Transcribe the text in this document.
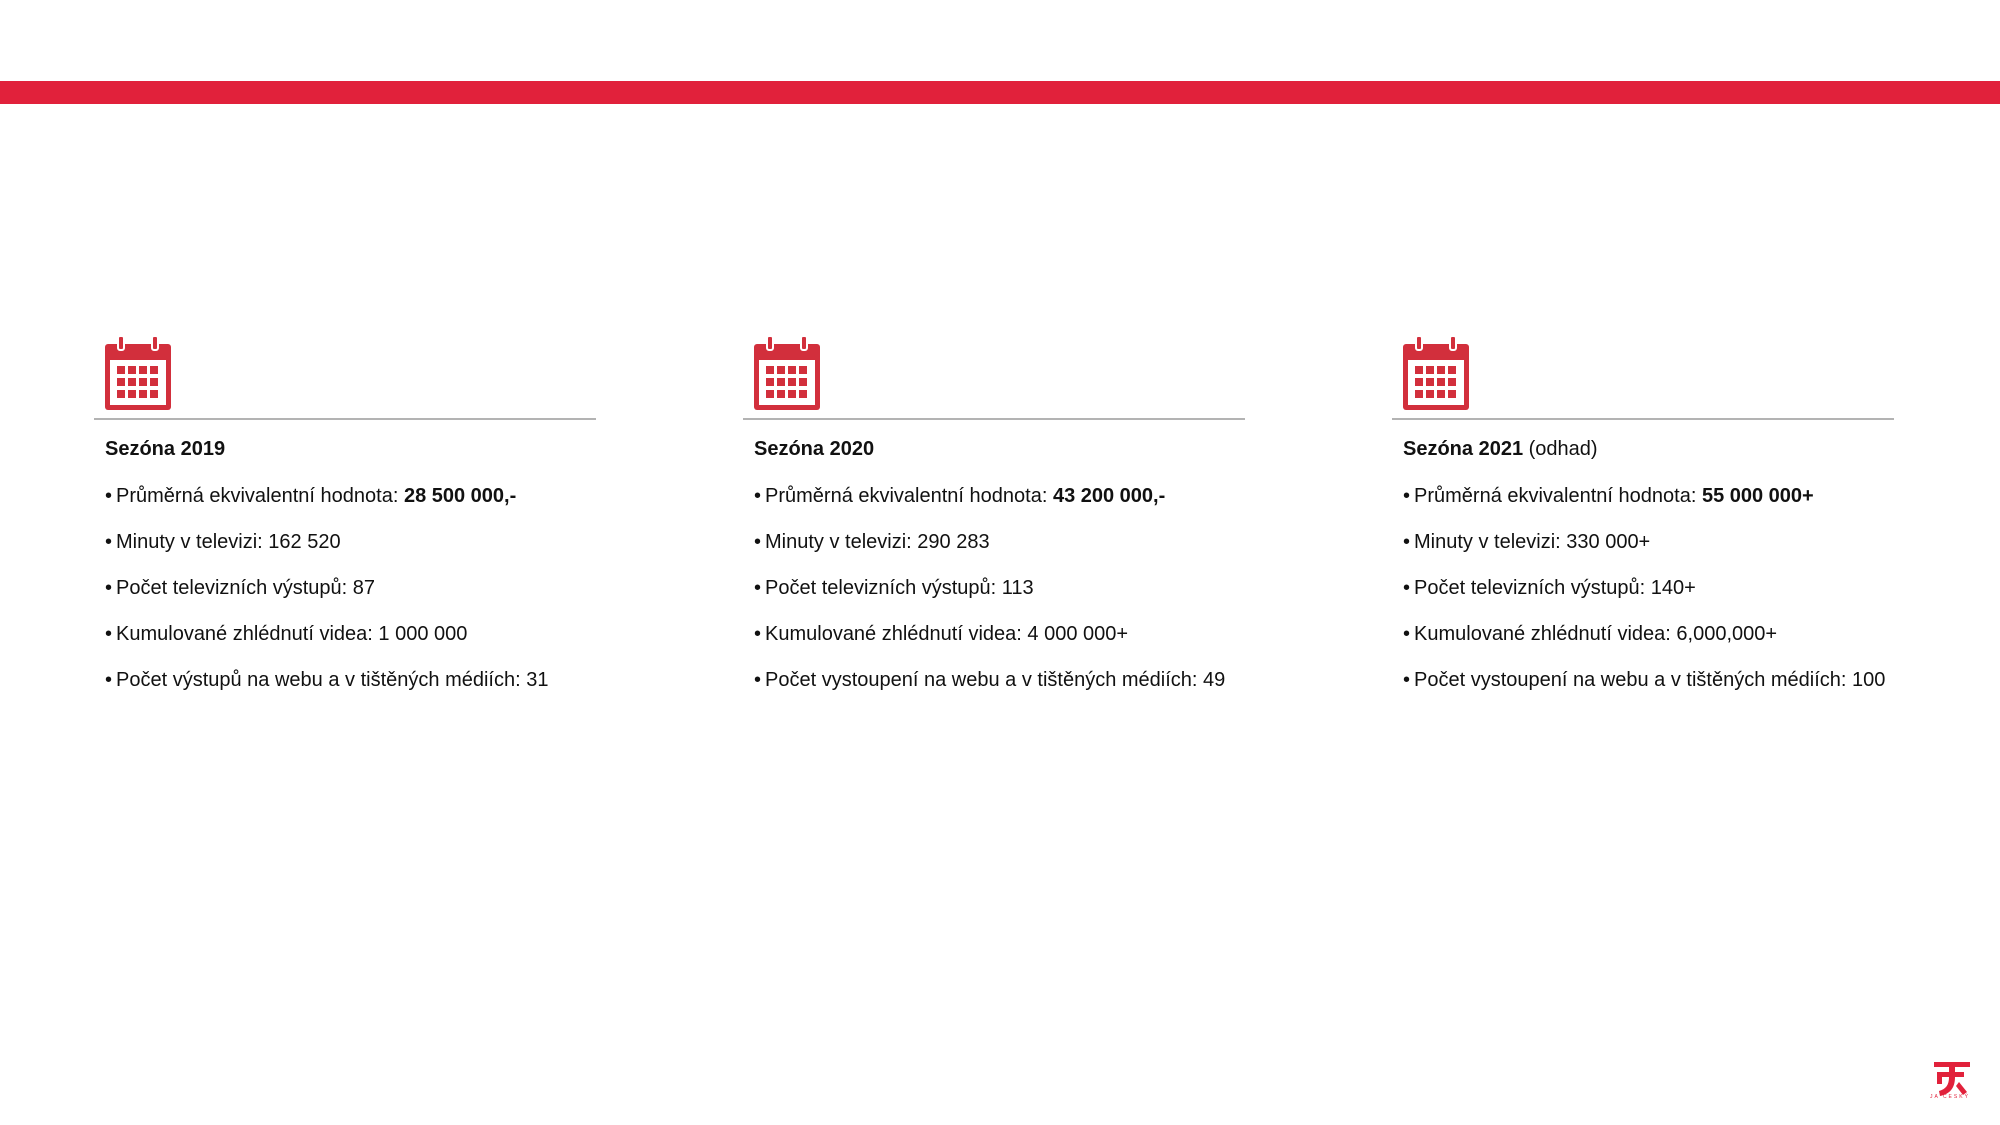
Sezóna 2019
• Průměrná ekvivalentní hodnota: 28 500 000,-
• Minuty v televizi: 162 520
• Počet televizních výstupů: 87
• Kumulované zhlédnutí videa: 1 000 000
• Počet výstupů na webu a v tištěných médiích: 31
Sezóna 2020
• Průměrná ekvivalentní hodnota: 43 200 000,-
• Minuty v televizi: 290 283
• Počet televizních výstupů: 113
• Kumulované zhlédnutí videa: 4 000 000+
• Počet vystoupení na webu a v tištěných médiích: 49
Sezóna 2021 (odhad)
• Průměrná ekvivalentní hodnota: 55 000 000+
• Minuty v televizi: 330 000+
• Počet televizních výstupů: 140+
• Kumulované zhlédnutí videa: 6,000,000+
• Počet vystoupení na webu a v tištěných médiích: 100
JA ČESKÝ
